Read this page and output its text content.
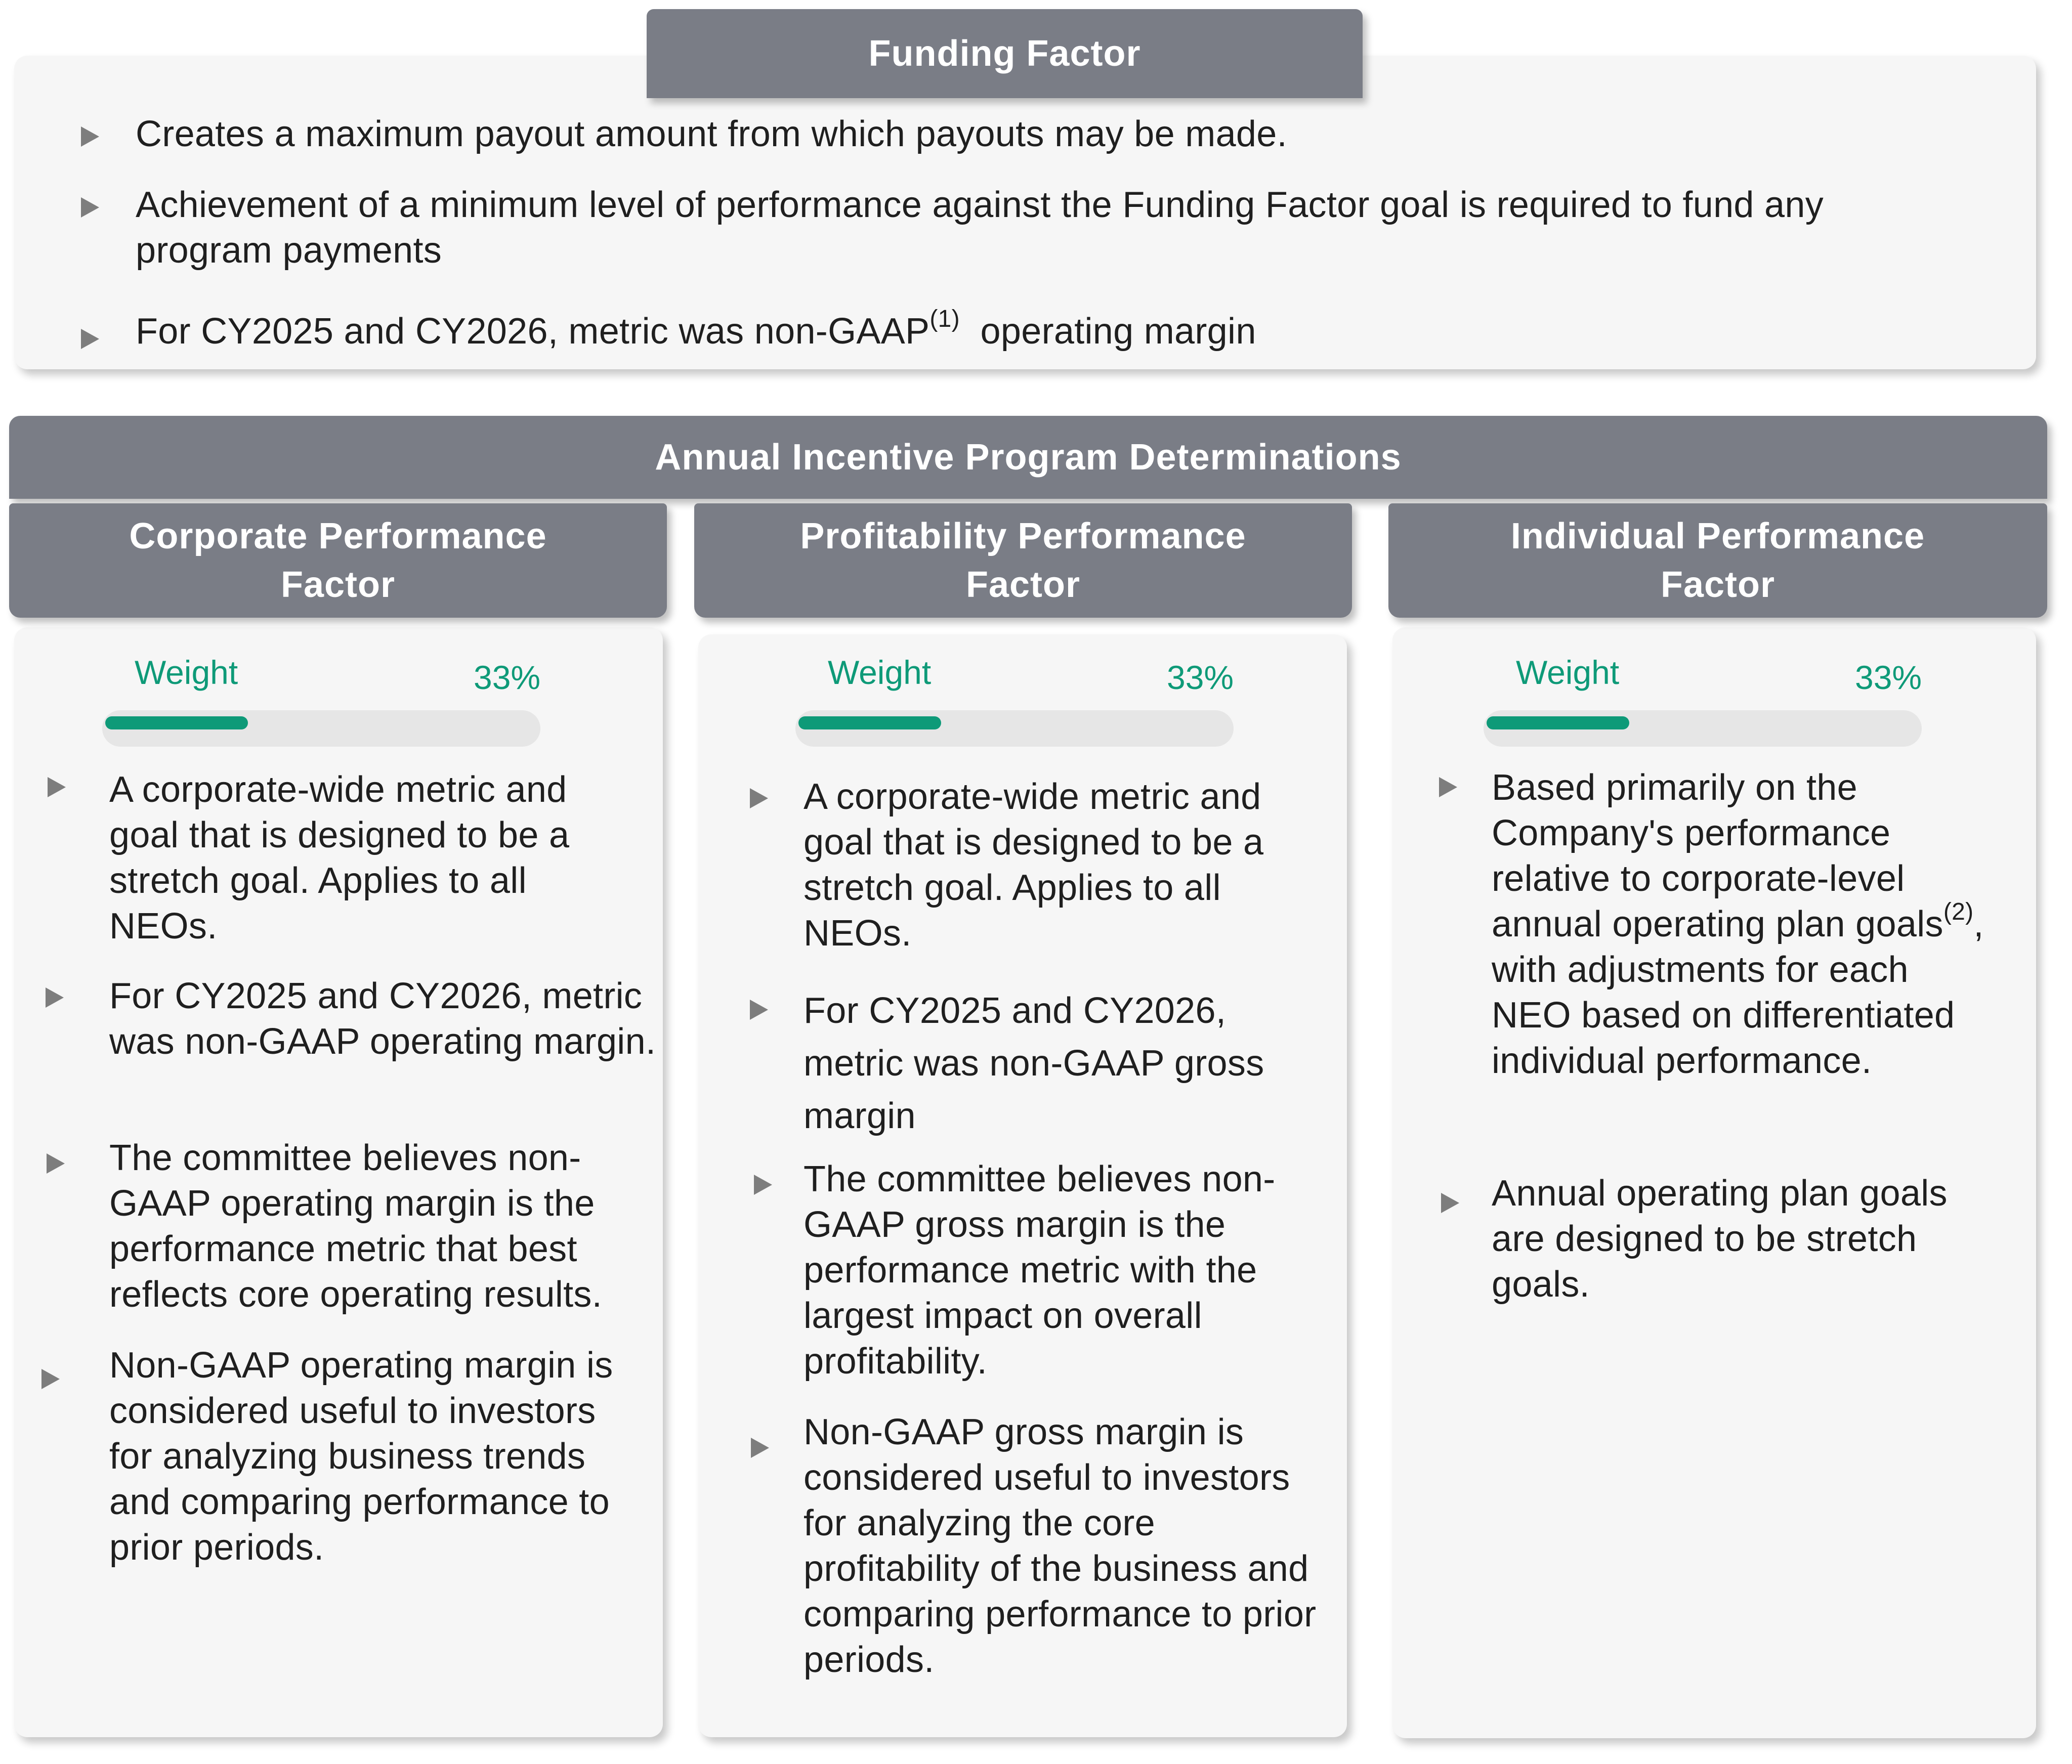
Creates a maximum payout amount from which payouts may be made.
Achievement of a minimum level of performance against the Funding Factor goal is required to fund any program payments
For CY2025 and CY2026, metric was non-GAAP$^{(1)}$ operating margin
Funding Factor
Annual Incentive Program Determinations
Corporate Performance
Factor
Weight	33%
A corporate-wide metric and goal that is designed to be a stretch goal. Applies to all NEOs.
For CY2025 and CY2026, metric was non-GAAP operating margin.
The committee believes non-GAAP operating margin is the performance metric that best reflects core operating results.
Non-GAAP operating margin is considered useful to investors for analyzing business trends and comparing performance to prior periods.
Profitability Performance
Factor
Weight	33%
A corporate-wide metric and goal that is designed to be a stretch goal. Applies to all NEOs.
For CY2025 and CY2026, metric was non-GAAP gross margin
The committee believes non-GAAP gross margin is the performance metric with the largest impact on overall profitability.
Non-GAAP gross margin is considered useful to investors for analyzing the core profitability of the business and comparing performance to prior periods.
Individual Performance
Factor
Weight	33%
Based primarily on the Company's performance relative to corporate-level annual operating plan goals$^{(2)}$, with adjustments for each NEO based on differentiated individual performance.
Annual operating plan goals are designed to be stretch goals.
